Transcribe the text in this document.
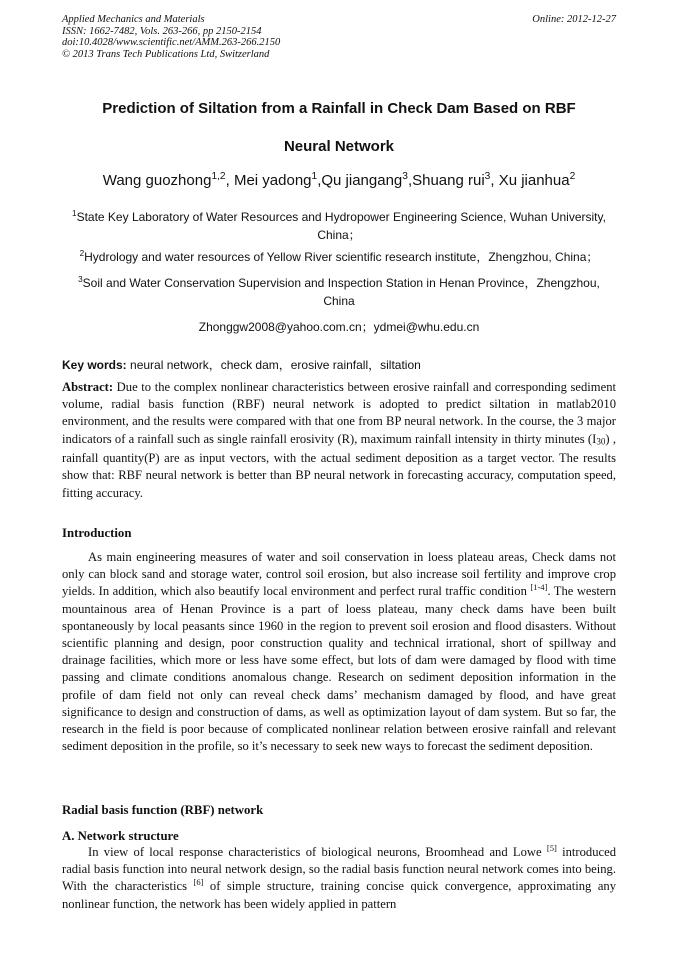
Applied Mechanics and Materials
ISSN: 1662-7482, Vols. 263-266, pp 2150-2154
doi:10.4028/www.scientific.net/AMM.263-266.2150
© 2013 Trans Tech Publications Ltd, Switzerland
Online: 2012-12-27
Prediction of Siltation from a Rainfall in Check Dam Based on RBF
Neural Network
Wang guozhong$^{1,2}$, Mei yadong$^1$,Qu jiangang$^3$,Shuang rui$^3$, Xu jianhua$^2$
$^1$State Key Laboratory of Water Resources and Hydropower Engineering Science, Wuhan University, China；
$^2$Hydrology and water resources of Yellow River scientific research institute，Zhengzhou, China；
$^3$Soil and Water Conservation Supervision and Inspection Station in Henan Province，Zhengzhou, China
Zhonggw2008@yahoo.com.cn；ydmei@whu.edu.cn
Key words: neural network，check dam，erosive rainfall，siltation
Abstract: Due to the complex nonlinear characteristics between erosive rainfall and corresponding sediment volume, radial basis function (RBF) neural network is adopted to predict siltation in matlab2010 environment, and the results were compared with that one from BP neural network. In the course, the 3 major indicators of a rainfall such as single rainfall erosivity (R), maximum rainfall intensity in thirty minutes (I30) , rainfall quantity(P) are as input vectors, with the actual sediment deposition as a target vector. The results show that: RBF neural network is better than BP neural network in forecasting accuracy, computation speed, fitting accuracy.
Introduction
As main engineering measures of water and soil conservation in loess plateau areas, Check dams not only can block sand and storage water, control soil erosion, but also increase soil fertility and improve crop yields. In addition, which also beautify local environment and perfect rural traffic condition [1-4]. The western mountainous area of Henan Province is a part of loess plateau, many check dams have been built spontaneously by local peasants since 1960 in the region to prevent soil erosion and flood disasters. Without scientific planning and design, poor construction quality and technical irrational, short of spillway and drainage facilities, which more or less have some effect, but lots of dam were damaged by flood with time passing and climate conditions anomalous change. Research on sediment deposition information in the profile of dam field not only can reveal check dams’ mechanism damaged by flood, and have great significance to design and construction of dams, as well as optimization layout of dam system. But so far, the research in the field is poor because of complicated nonlinear relation between erosive rainfall and relevant sediment deposition in the profile, so it’s necessary to seek new ways to forecast the sediment deposition.
Radial basis function (RBF) network
A. Network structure
In view of local response characteristics of biological neurons, Broomhead and Lowe [5] introduced radial basis function into neural network design, so the radial basis function neural network comes into being. With the characteristics [6] of simple structure, training concise quick convergence, approximating any nonlinear function, the network has been widely applied in pattern
